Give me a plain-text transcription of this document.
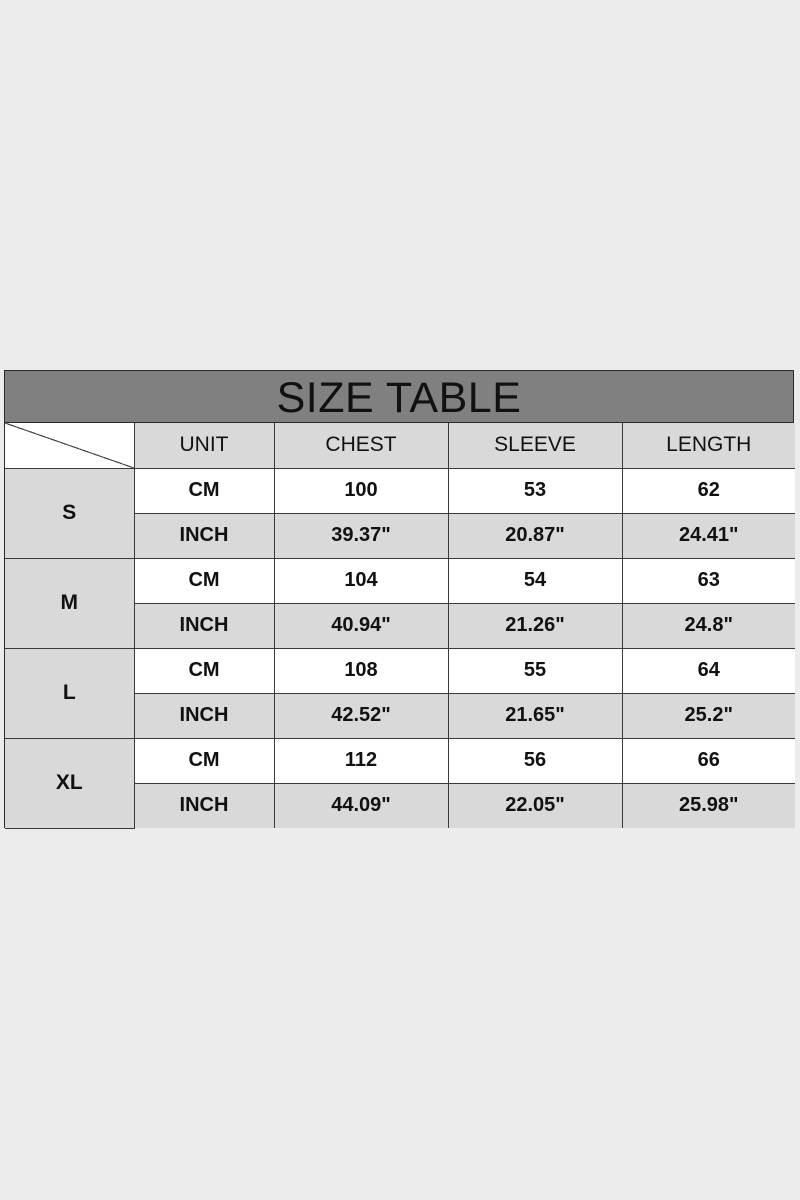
SIZE TABLE
	UNIT	CHEST	SLEEVE	LENGTH
S	CM	100	53	62
	INCH	39.37"	20.87"	24.41"
M	CM	104	54	63
	INCH	40.94"	21.26"	24.8"
L	CM	108	55	64
	INCH	42.52"	21.65"	25.2"
XL	CM	112	56	66
	INCH	44.09"	22.05"	25.98"
